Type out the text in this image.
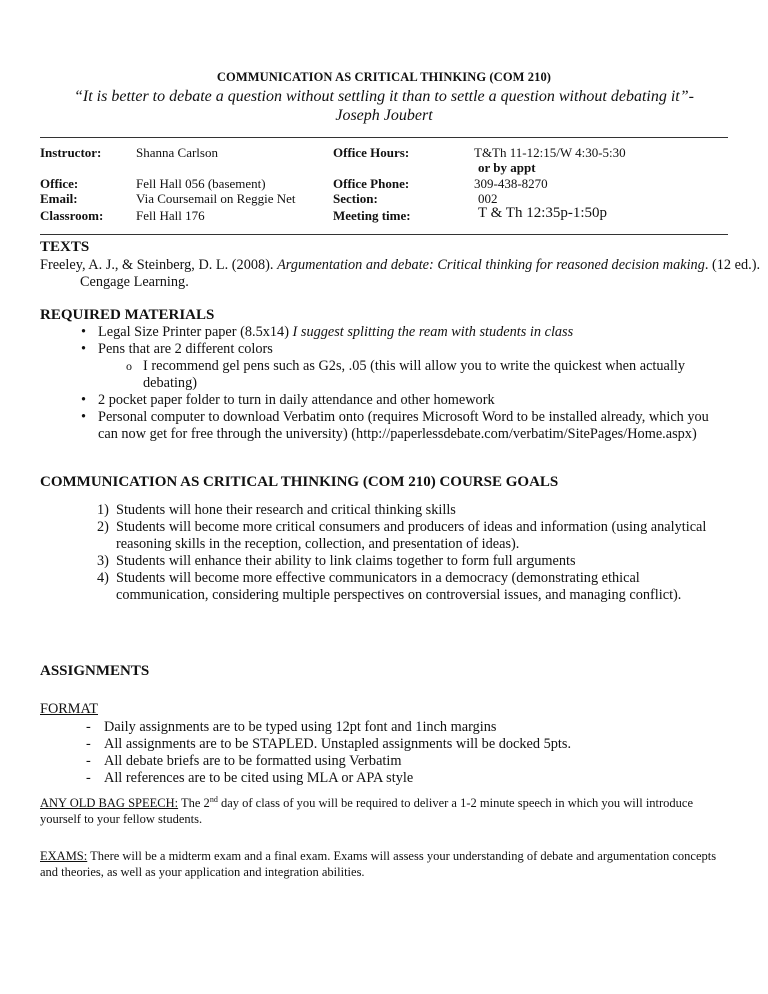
COMMUNICATION AS CRITICAL THINKING (COM 210)
“It is better to debate a question without settling it than to settle a question without debating it”- Joseph Joubert
Instructor:	Shanna Carlson	Office Hours:	T&Th 11-12:15/W 4:30-5:30
or by appt
Office:	Fell Hall 056 (basement)	Office Phone:	309-438-8270
Email:	Via Coursemail on Reggie Net	Section:	002
Classroom:	Fell Hall 176	Meeting time:	T & Th 12:35p-1:50p
TEXTS
Freeley, A. J., & Steinberg, D. L. (2008). Argumentation and debate: Critical thinking for reasoned decision making. (12 ed.). Cengage Learning.
REQUIRED MATERIALS
• Legal Size Printer paper (8.5x14) I suggest splitting the ream with students in class
• Pens that are 2 different colors
o I recommend gel pens such as G2s, .05 (this will allow you to write the quickest when actually debating)
• 2 pocket paper folder to turn in daily attendance and other homework
• Personal computer to download Verbatim onto (requires Microsoft Word to be installed already, which you can now get for free through the university) (http://paperlessdebate.com/verbatim/SitePages/Home.aspx)
COMMUNICATION AS CRITICAL THINKING (COM 210) COURSE GOALS
1) Students will hone their research and critical thinking skills
2) Students will become more critical consumers and producers of ideas and information (using analytical reasoning skills in the reception, collection, and presentation of ideas).
3) Students will enhance their ability to link claims together to form full arguments
4) Students will become more effective communicators in a democracy (demonstrating ethical communication, considering multiple perspectives on controversial issues, and managing conflict).
ASSIGNMENTS
FORMAT
- Daily assignments are to be typed using 12pt font and 1inch margins
- All assignments are to be STAPLED. Unstapled assignments will be docked 5pts.
- All debate briefs are to be formatted using Verbatim
- All references are to be cited using MLA or APA style
ANY OLD BAG SPEECH: The 2nd day of class of you will be required to deliver a 1-2 minute speech in which you will introduce yourself to your fellow students.
EXAMS: There will be a midterm exam and a final exam. Exams will assess your understanding of debate and argumentation concepts and theories, as well as your application and integration abilities.
